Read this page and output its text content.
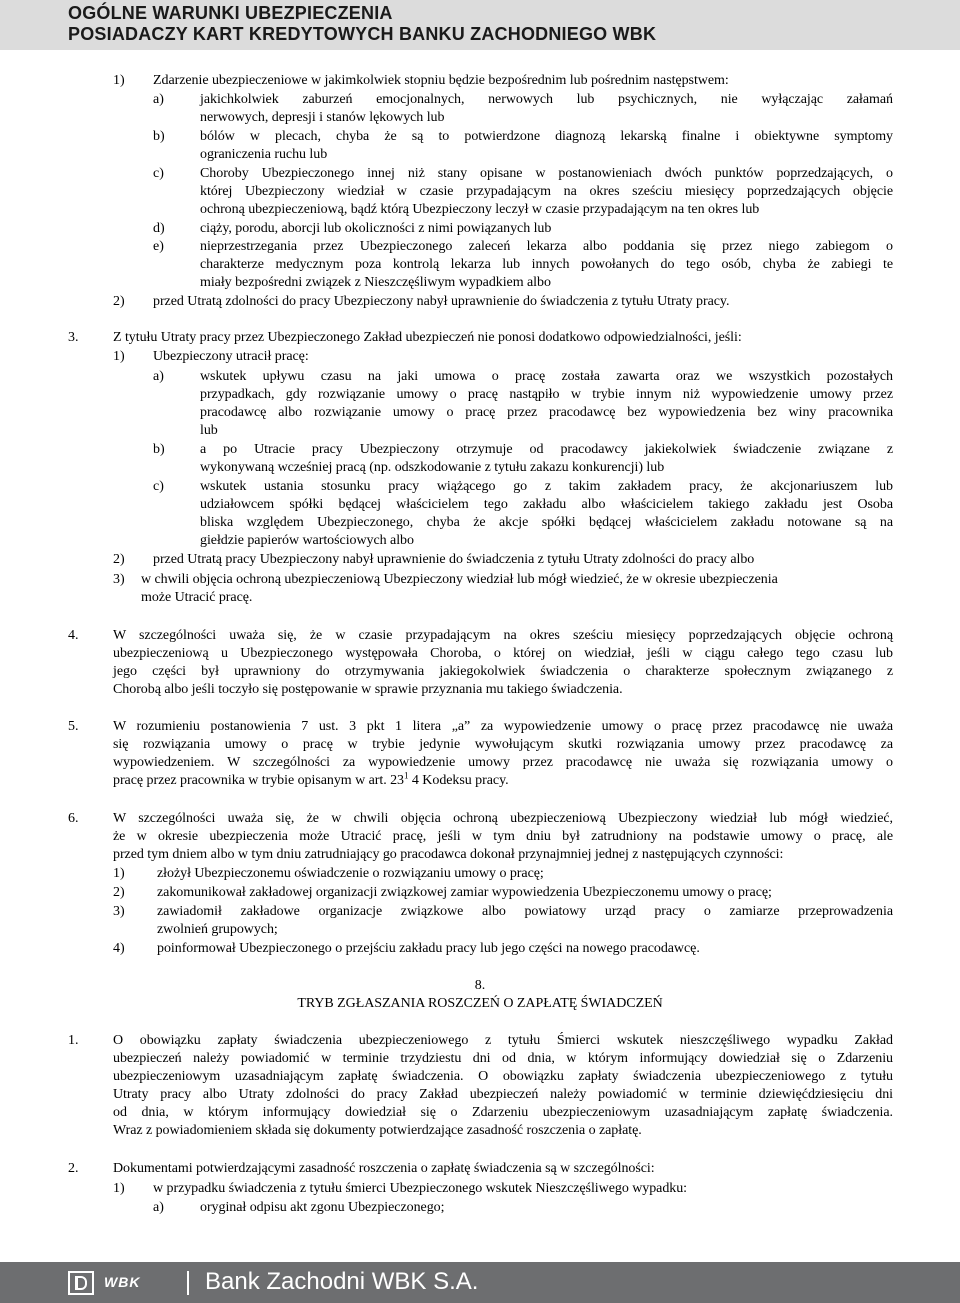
OGÓLNE WARUNKI UBEZPIECZENIA
POSIADACZY KART KREDYTOWYCH BANKU ZACHODNIEGO WBK
1) Zdarzenie ubezpieczeniowe w jakimkolwiek stopniu będzie bezpośrednim lub pośrednim następstwem:
a)	jakichkolwiek zaburzeń emocjonalnych, nerwowych lub psychicznych, nie wyłączając załamań
nerwowych, depresji i stanów lękowych lub
b)	bólów w plecach, chyba że są to potwierdzone diagnozą lekarską finalne i obiektywne symptomy
ograniczenia ruchu lub
c)	Choroby Ubezpieczonego innej niż stany opisane w postanowieniach dwóch punktów poprzedzających, o
której Ubezpieczony wiedział w czasie przypadającym na okres sześciu miesięcy poprzedzających objęcie
ochroną ubezpieczeniową, bądź którą Ubezpieczony leczył w czasie przypadającym na ten okres lub
d)	ciąży, porodu, aborcji lub okoliczności z nimi powiązanych lub
e)	nieprzestrzegania przez Ubezpieczonego zaleceń lekarza albo poddania się przez niego zabiegom o
charakterze medycznym poza kontrolą lekarza lub innych powołanych do tego osób, chyba że zabiegi te
miały bezpośredni związek z Nieszczęśliwym wypadkiem albo
2) przed Utratą zdolności do pracy Ubezpieczony nabył uprawnienie do świadczenia z tytułu Utraty pracy.
3. Z tytułu Utraty pracy przez Ubezpieczonego Zakład ubezpieczeń nie ponosi dodatkowo odpowiedzialności, jeśli:
1) Ubezpieczony utracił pracę:
a)	wskutek upływu czasu na jaki umowa o pracę została zawarta oraz we wszystkich pozostałych
przypadkach, gdy rozwiązanie umowy o pracę nastąpiło w trybie innym niż wypowiedzenie umowy przez
pracodawcę albo rozwiązanie umowy o pracę przez pracodawcę bez wypowiedzenia bez winy pracownika
lub
b)	a po Utracie pracy Ubezpieczony otrzymuje od pracodawcy jakiekolwiek świadczenie związane z
wykonywaną wcześniej pracą (np. odszkodowanie z tytułu zakazu konkurencji) lub
c)	wskutek ustania stosunku pracy wiążącego go z takim zakładem pracy, że akcjonariuszem lub
udziałowcem spółki będącej właścicielem tego zakładu albo właścicielem takiego zakładu jest Osoba
bliska względem Ubezpieczonego, chyba że akcje spółki będącej właścicielem zakładu notowane są na
giełdzie papierów wartościowych albo
2) przed Utratą pracy Ubezpieczony nabył uprawnienie do świadczenia z tytułu Utraty zdolności do pracy albo
3) w chwili objęcia ochroną ubezpieczeniową Ubezpieczony wiedział lub mógł wiedzieć, że w okresie ubezpieczenia
może Utracić pracę.
4. W szczególności uważa się, że w czasie przypadającym na okres sześciu miesięcy poprzedzających objęcie ochroną
ubezpieczeniową u Ubezpieczonego występowała Choroba, o której on wiedział, jeśli w ciągu całego tego czasu lub
jego części był uprawniony do otrzymywania jakiegokolwiek świadczenia o charakterze społecznym związanego z
Chorobą albo jeśli toczyło się postępowanie w sprawie przyznania mu takiego świadczenia.
5. W rozumieniu postanowienia 7 ust. 3 pkt 1 litera „a” za wypowiedzenie umowy o pracę przez pracodawcę nie uważa
się rozwiązania umowy o pracę w trybie jedynie wywołującym skutki rozwiązania umowy przez pracodawcę za
wypowiedzeniem. W szczególności za wypowiedzenie umowy przez pracodawcę nie uważa się rozwiązania umowy o
pracę przez pracownika w trybie opisanym w art. $23^1$ 4 Kodeksu pracy.
6. W szczególności uważa się, że w chwili objęcia ochroną ubezpieczeniową Ubezpieczony wiedział lub mógł wiedzieć,
że w okresie ubezpieczenia może Utracić pracę, jeśli w tym dniu był zatrudniony na podstawie umowy o pracę, ale
przed tym dniem albo w tym dniu zatrudniający go pracodawca dokonał przynajmniej jednej z następujących czynności:
1) złożył Ubezpieczonemu oświadczenie o rozwiązaniu umowy o pracę;
2) zakomunikował zakładowej organizacji związkowej zamiar wypowiedzenia Ubezpieczonemu umowy o pracę;
3) zawiadomił zakładowe organizacje związkowe albo powiatowy urząd pracy o zamiarze przeprowadzenia
zwolnień grupowych;
4) poinformował Ubezpieczonego o przejściu zakładu pracy lub jego części na nowego pracodawcę.
8.
TRYB ZGŁASZANIA ROSZCZEŃ O ZAPŁATĘ ŚWIADCZEŃ
1. O obowiązku zapłaty świadczenia ubezpieczeniowego z tytułu Śmierci wskutek nieszczęśliwego wypadku Zakład
ubezpieczeń należy powiadomić w terminie trzydziestu dni od dnia, w którym informujący dowiedział się o Zdarzeniu
ubezpieczeniowym uzasadniającym zapłatę świadczenia. O obowiązku zapłaty świadczenia ubezpieczeniowego z tytułu
Utraty pracy albo Utraty zdolności do pracy Zakład ubezpieczeń należy powiadomić w terminie dziewięćdziesięciu dni
od dnia, w którym informujący dowiedział się o Zdarzeniu ubezpieczeniowym uzasadniającym zapłatę świadczenia.
Wraz z powiadomieniem składa się dokumenty potwierdzające zasadność roszczenia o zapłatę.
2. Dokumentami potwierdzającymi zasadność roszczenia o zapłatę świadczenia są w szczególności:
1) w przypadku świadczenia z tytułu śmierci Ubezpieczonego wskutek Nieszczęśliwego wypadku:
a)	oryginał odpisu akt zgonu Ubezpieczonego;
WBK	Bank Zachodni WBK S.A.
